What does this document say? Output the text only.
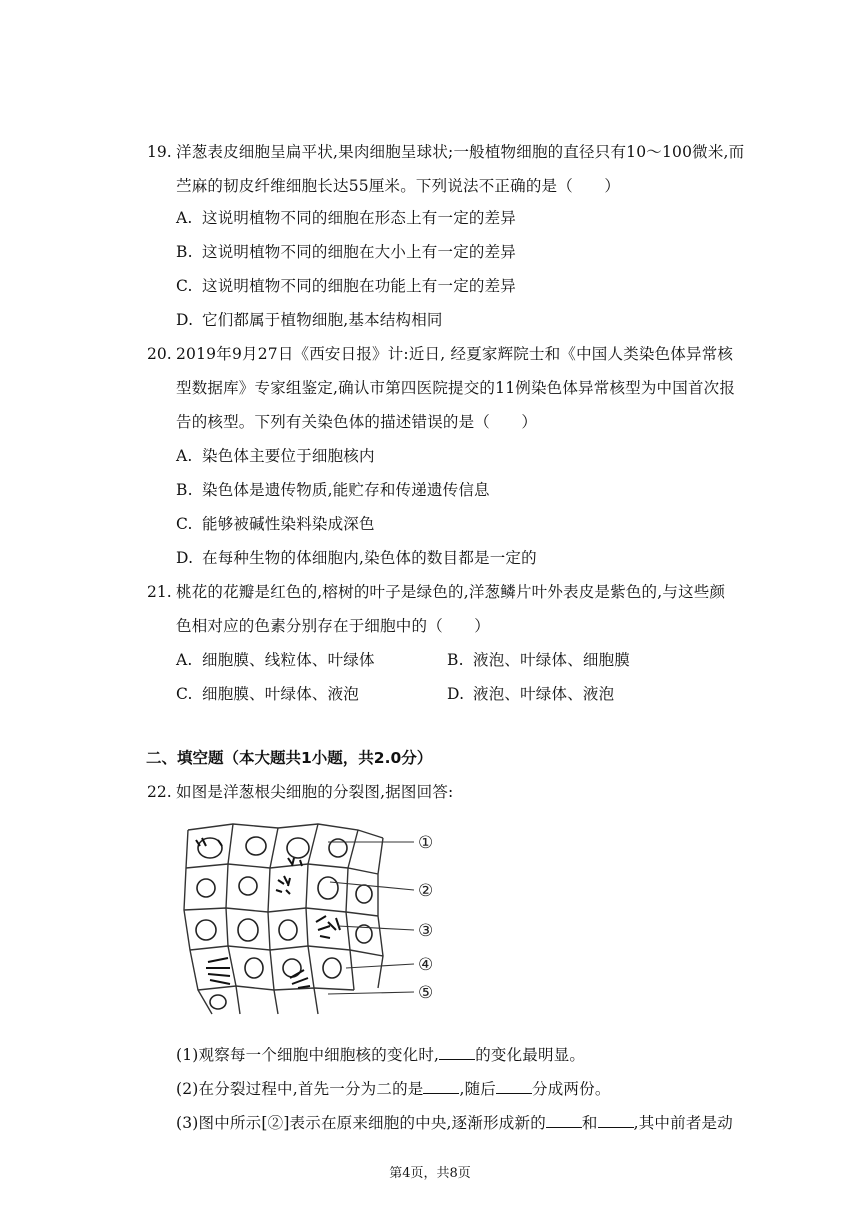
19. 洋葱表皮细胞呈扁平状,果肉细胞呈球状;一般植物细胞的直径只有10～100微米,而
苎麻的韧皮纤维细胞长达55厘米。下列说法不正确的是（　　）
A. 这说明植物不同的细胞在形态上有一定的差异
B. 这说明植物不同的细胞在大小上有一定的差异
C. 这说明植物不同的细胞在功能上有一定的差异
D. 它们都属于植物细胞,基本结构相同
20. 2019年9月27日《西安日报》计:近日, 经夏家辉院士和《中国人类染色体异常核
型数据库》专家组鉴定,确认市第四医院提交的11例染色体异常核型为中国首次报
告的核型。下列有关染色体的描述错误的是（　　）
A. 染色体主要位于细胞核内
B. 染色体是遗传物质,能贮存和传递遗传信息
C. 能够被碱性染料染成深色
D. 在每种生物的体细胞内,染色体的数目都是一定的
21. 桃花的花瓣是红色的,榕树的叶子是绿色的,洋葱鳞片叶外表皮是紫色的,与这些颜
色相对应的色素分别存在于细胞中的（　　）
A. 细胞膜、线粒体、叶绿体	B. 液泡、叶绿体、细胞膜
C. 细胞膜、叶绿体、液泡	D. 液泡、叶绿体、液泡
二、填空题（本大题共1小题，共2.0分）
22. 如图是洋葱根尖细胞的分裂图,据图回答:
①
②
③
④
⑤
(1)观察每一个细胞中细胞核的变化时, 的变化最明显。
(2)在分裂过程中,首先一分为二的是 ,随后 分成两份。
(3)图中所示[②]表示在原来细胞的中央,逐渐形成新的 和 ,其中前者是动
第4页，共8页
